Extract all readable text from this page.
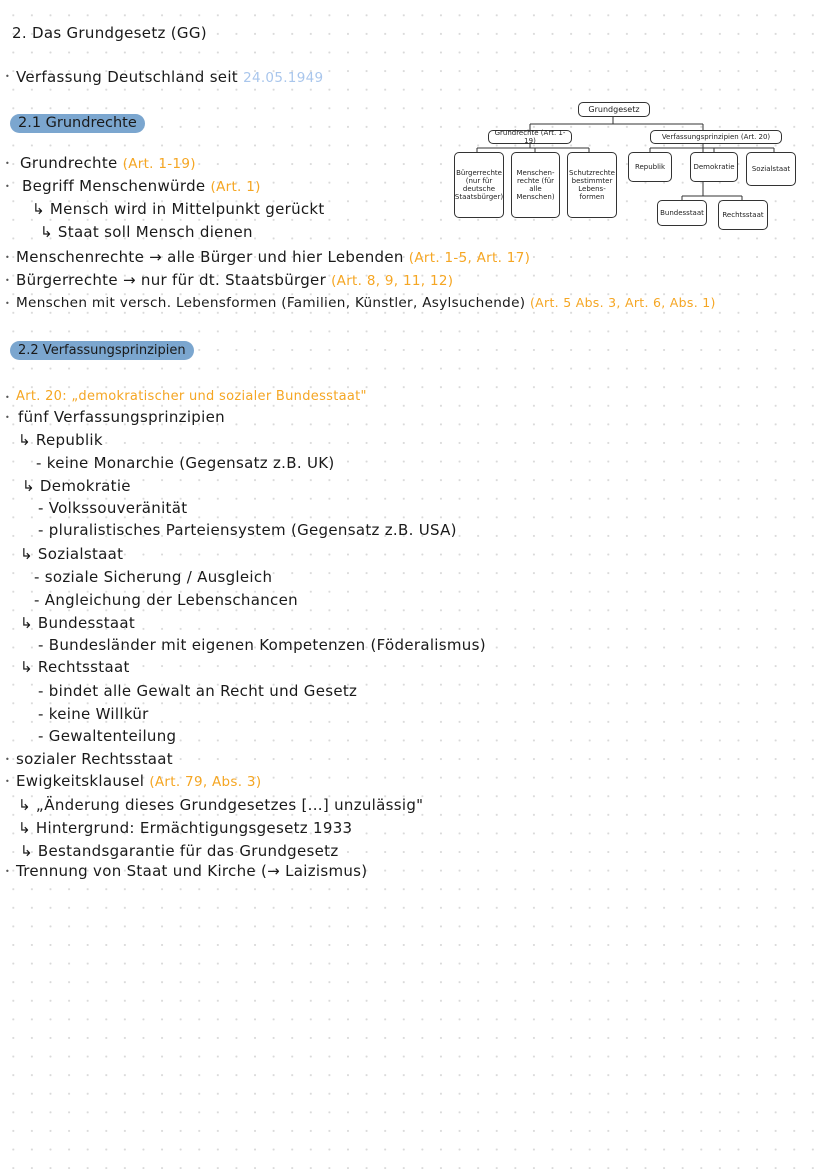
2. Das Grundgesetz (GG)
• Verfassung Deutschland seit 24.05.1949
2.1 Grundrechte
• Grundrechte (Art. 1-19)
• Begriff Menschenwürde (Art. 1)
↳ Mensch wird in Mittelpunkt gerückt
↳ Staat soll Mensch dienen
• Menschenrechte → alle Bürger und hier Lebenden (Art. 1-5, Art. 17)
• Bürgerrechte → nur für dt. Staatsbürger (Art. 8, 9, 11, 12)
• Menschen mit versch. Lebensformen (Familien, Künstler, Asylsuchende) (Art. 5 Abs. 3, Art. 6, Abs. 1)
Grundgesetz
Grundrechte (Art. 1-19)	Verfassungsprinzipien (Art. 20)
Bürgerrechte (nur für deutsche Staatsbürger)
Menschen-rechte (für alle Menschen)
Schutzrechte bestimmter Lebens-formen
Republik	Demokratie	Sozialstaat
Bundesstaat	Rechtsstaat
2.2 Verfassungsprinzipien
• Art. 20: „demokratischer und sozialer Bundesstaat"
• fünf Verfassungsprinzipien
↳ Republik
- keine Monarchie (Gegensatz z.B. UK)
↳ Demokratie
- Volkssouveränität
- pluralistisches Parteiensystem (Gegensatz z.B. USA)
↳ Sozialstaat
- soziale Sicherung / Ausgleich
- Angleichung der Lebenschancen
↳ Bundesstaat
- Bundesländer mit eigenen Kompetenzen (Föderalismus)
↳ Rechtsstaat
- bindet alle Gewalt an Recht und Gesetz
- keine Willkür
- Gewaltenteilung
• sozialer Rechtsstaat
• Ewigkeitsklausel (Art. 79, Abs. 3)
↳ „Änderung dieses Grundgesetzes [...] unzulässig"
↳ Hintergrund: Ermächtigungsgesetz 1933
↳ Bestandsgarantie für das Grundgesetz
• Trennung von Staat und Kirche (→ Laizismus)
